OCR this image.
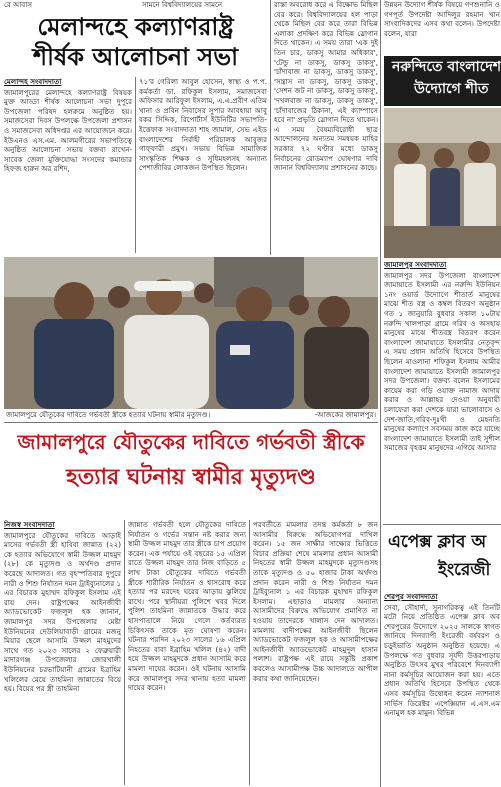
রে আবাস	সামনে বিশ্ববিদ্যালয়ের সামনে
মেলান্দহে কল্যাণরাষ্ট্র
শীর্ষক আলোচনা সভা
মেলান্দহ সংবাদদাতা

জামালপুরের মেলান্দহে কল্যাণরাষ্ট্র বিষয়ক মুক্ত আড্ডা শীর্ষক আলোচনা সভা দুপুরে উপজেলা পরিষদ হলরুমে অনুষ্ঠিত হয়। সমাজসেবা দিবস উপলক্ষে উপজেলা প্রশাসন ও সমাজসেবা অধিদপ্তর এর আয়োজনে করে। ইউএনও এস.এম. আলমগীরের সভাপতিত্বে অনুষ্ঠিত আলোচনা সভায় বক্তব্য রাখেন- সাবেক জেলা মুক্তিযোদ্ধা সংসদের কমান্ডার হিফজ হারুন অর রশিদ,

৭১'র গেরিলা আবুল হোসেন, স্বাস্থ্য ও প.প. কর্মকর্তা ডা. রফিকুল ইসলাম, সমাজসেবা অফিসার আরিফুল ইসলাম, এ.এ.প্রবীণ এতিম খানা ও প্রবিন নিবাসের সুপার আবহায়া আবু বকর সিদ্দিক, রিপোর্টার্স ইউনিটির সভাপতি-ইত্তেফাক সংবাদদাতা শাহ জামাল, সেভ এইড বাংলাদেশের নির্বাহী পরিচালক আবুজর গাফ্ফারী প্রমুখ। সভায় বিভিন্ন সামাজিক সাংস্কৃতিক শিক্ষক ও সুধিমহলসহ অন্যান্য পেশাজীবির লোকজন উপস্থিত ছিলেন।

রাস্তা অবরোধ করে এ বিক্ষোভ মিছিল বের করে। বিশ্ববিদ্যালয়ের হল পাড়া থেকে মিছিল বের করে তারা বিভিন্ন এলাকা প্রদক্ষিণ করে বিভিন্ন স্লোগান দিতে থাকেন। এ সময় তারা 'এক দুই তিন চার, ডাকসু আমার অধিকার', 'টেন্ডু না ডাকসু, ডাকসু ডাকসু', 'চাঁদাবাজ না ডাকসু, ডাকসু ডাকসু', 'সন্ত্রাস না ডাকসু, ডাকসু ডাকসু', 'সেশন জট না ডাকসু, ডাকসু ডাকসু', 'দখলবাজ না ডাকসু, ডাকসু ডাকসু', 'চাঁদাবাজের ঠিকানা, এই ক্যাম্পাসে হবে না' প্রভৃতি স্লোগান দিতে থাকেন। এ সময় বৈষম্যবিরোধী ছাত্র আন্দোলনের অন্যতম সমন্বয়ক মাহির সরকার ৭২ ঘণ্টার মধ্যে ডাকসু নির্বাচনের রোডম্যাপ ঘোষণার দাবি জানান বিশ্ববিদ্যালয় প্রশাসনের কাছে।

জামালপুরে যৌতুকের দাবিতে গর্ভবতী স্ত্রীকে হত্যার ঘটনায় স্বামীর মৃত্যুদণ্ড।	-আজকের জামালপুর।
জামালপুরে যৌতুকের দাবিতে গর্ভবতী স্ত্রীকে
হত্যার ঘটনায় স্বামীর মৃত্যুদণ্ড
নিজস্ব সংবাদদাতা

জামালপুরে যৌতুকের দাবিতে আড়াই মাসের গর্ভবতী স্ত্রী হাবিবা জান্নাত (২২) কে হত্যার অভিযোগে স্বামী উজ্জল মাহমুদ (২৮) কে মৃত্যুদণ্ড ও অর্থদণ্ড প্রদান করেছে আদালত। গত বৃহস্পতিবার দুপুরে নারী ও শিশু নির্যাতন দমন ট্রাইব্যুনালের ১ এর বিচারক মুহাম্মদ রফিকুল ইসলাম এই রায় দেন। রাষ্ট্রপক্ষের আইনজীবী অ্যাডভোকেট ফজলুল হক জানান, জামালপুর সদর উপজেলার মেষ্টা ইউনিয়নের দেউলিয়াবাড়ী গ্রামের মজনু মিয়ার ছেলে আসামি উজ্জল মাহমুদের সাথে গত ২০২৩ সালের ২ ফেব্রুয়ারী মাদারগঞ্জ উপজেলার জোরখালী ইউনিয়নের চরভাটিয়ানী গ্রামের ইব্রাহিম খলিলের মেয়ে তাহমিনা জান্নাতের বিয়ে হয়। বিয়ের পর স্ত্রী তাহমিনা

জান্নাত গর্ভবতী হলে যৌতুকের দাবিতে নির্যাতন ও গর্ভের সন্তান নষ্ট করার জন্য স্বামী উজ্জল মাহমুদ তার স্ত্রীকে চাপ প্রয়োগ করেন। এক পর্যায়ে ওই বছরের ১৫ এপ্রিল রাতে উজ্জল মাহমুদ তার নিজ বাড়িতে ৫ লাখ টাকা যৌতুকের দাবিতে গর্ভবতী স্ত্রীকে শারীরিক নির্যাতন ও শ্বাসরোধ করে হত্যার পর মরদেহ ঘরের আড়ায় ঝুলিয়ে রাখে। পরে স্থানীয়রা পুলিশে খবর দিলে পুলিশ তাহমিনা জান্নাতকে উদ্ধার করে হাসপাতালে নিয়ে গেলে কর্তব্যরত চিকিৎসক তাকে মৃত ঘোষণা করেন। ঘটনার পরদিন ২০২৩ সালের ১৬ এপ্রিল নিহতের বাবা ইব্রাহিম খলিল (৪২) বাদী হয়ে উজ্জল মাহমুদকে প্রধান আসামি করে মামলা দায়ের করেন। ওই ঘটনায় আসামি করে জামালপুর সদর থানায় হত্যা মামলা দায়ের করেন।

পরবর্তীতে মামলার তদন্ত কর্মকর্তা ৮ জন আসামীর বিরুদ্ধে অভিযোগপত্র দাখিল করেন। ১৫ জন সাক্ষীর সাক্ষ্যের ভিত্তিতে বিচার প্রক্রিয়া শেষে মামলার প্রধান আসামী নিহতের স্বামী উজ্জল মাহমুদকে মৃত্যুদণ্ডসহ তাকে মৃত্যুদণ্ড ও ৫০ হাজার টাকা অর্থদণ্ড প্রদান করেন নারী ও শিশু নির্যাতন দমন ট্রাইব্যুনাল ১ এর বিচারক মুহাম্মদ রফিকুল ইসলাম। এছাড়াও মামলার অন্যান্য আসামীদের বিরুদ্ধে অভিযোগ প্রমাণিত না হওয়ায় তাদেরকে খালাস দেন আদালত। মামলায় বাদীপক্ষের আইনজীবী ছিলেন অ্যাডভোকেট ফজলুল হক ও আসামীপক্ষের আইনজীবী অ্যাডভোকেট মাহমুদুল হাসান পলাশ। রাষ্ট্রপক্ষ এই রায়ে সন্তুষ্টি প্রকাশ করলেও আসামীপক্ষ উচ্চ আদালতে আপীল করার কথা জানিয়েছেন।

উন্নয়ন উদ্যোগ শীর্ষক বিষয়ে গণশুনানি ও গণপূর্ত উপদেষ্টা আদিলুর রহমান খান সাংবাদিকদের এসব কথা বলেন। উপদেষ্টা বলেন, যারা

নরুন্দিতে বাংলাদেশ
উদ্যোগে শীত
জামালপুর সংবাদদাতা

জামালপুর সদর উপজেলা বাংলাদেশ জামায়াতে ইসলামী এর নরুন্দি ইউনিয়ন ১নং ওয়ার্ড উদ্যোগে শীতার্ত মানুষের মাঝে শীত বস্ত্র ও কম্বল বিতরণ অনুষ্ঠান গত ১ জানুয়ারি বুধবার সকাল ১০টায় নরুন্দি খালপাড়া গ্রামে গরিব ও অসহায় মানুষের মাঝে শীতবস্ত্র বিতরণ করেন বাংলাদেশ জামায়াতে ইসলামীর নেতৃবৃন্দ এ সময় প্রধান অতিথি হিসেবে উপস্থিত ছিলেন মাওলানা শফিকুল ইসলাম আমীর বাংলাদেশ জামায়াতে ইসলামী জামালপুর সদর উপজেলা। বক্তব্য বলেন ইসলামের কায়েম করা গড়ি ওয়াক্ত নামাজ আদায় করার ও আল্লাহর দেওয়া অনুযায়ী চলাফেরা করা দেশকে যারা ভালোবাসে ও দেশ-জাতি,গরিব-দুঃখী ও মেহনতি মানুষের কল্যাণে সবসময় কাজ করে যাচ্ছে বাংলাদেশ জামায়াতে ইসলামী তাই সুশীল সমাজের বৃহত্তম মানুষদের এগিয়ে আসার

এপেক্স ক্লাব অ
ইংরেজী
শেরপুর সংবাদদাতা

সেবা, সৌহার্দ্য, সুনাগরিকত্ব এই তিনটি মটো নিয়ে প্রতিষ্ঠিত এপেক্স ক্লাব অব শেরপুরের উদ্যোগে ২০২৫ সালকে স্বাগত জানিয়ে দিনব্যাপী ইংরেজী বর্ষবরণ ও চড়ুইভাতি অনুষ্ঠান অনুষ্ঠিত হয়েছে। এ উপলক্ষে গত বুধবার সূর্যদী উত্তরপাড়ায় অনুষ্ঠিত উৎসব মুখর পরিবেশে দিনব্যাপী নানা কর্মসূচির আয়োজন করা হয়। এতে প্রধান অতিথি হিসেবে উপস্থিত থেকে এসব কর্মসূচির উদ্বোধন করেন ন্যাশনাল সার্ভিস ডিরেক্টর এপেক্সিয়ান এ.এস.এম এনামুল হক মামুন। বিভিন্ন
